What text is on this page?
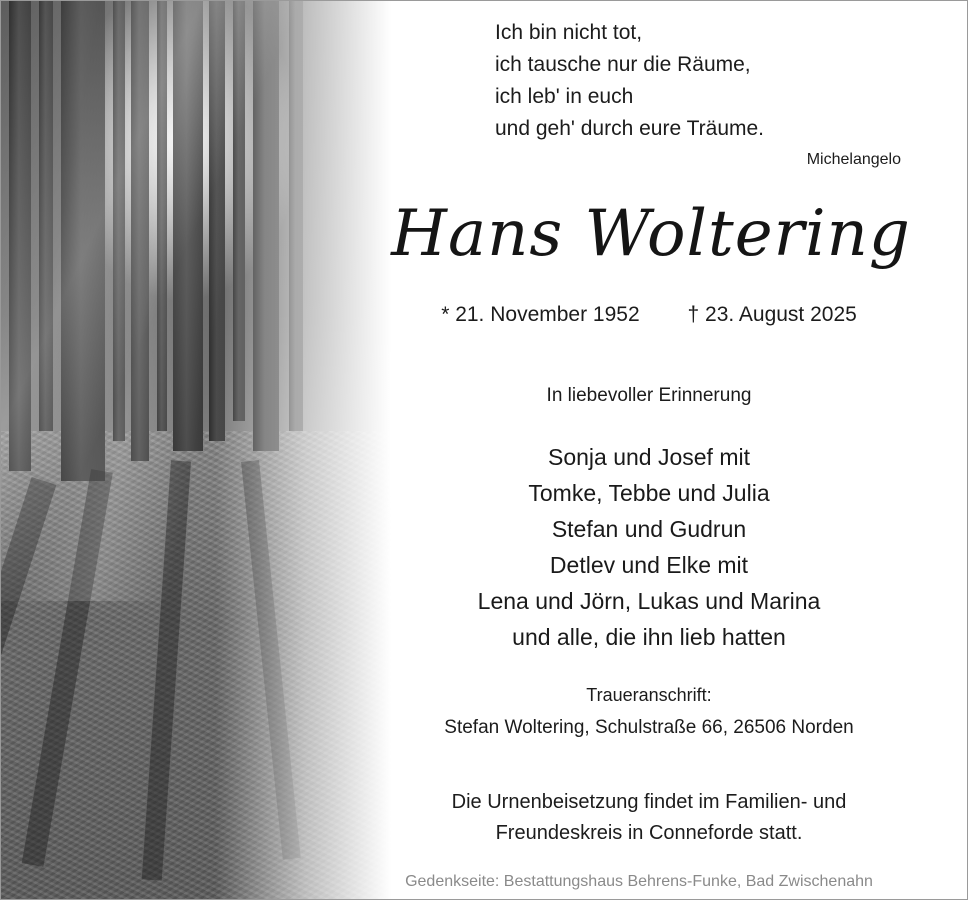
Ich bin nicht tot,
ich tausche nur die Räume,
ich leb' in euch
und geh' durch eure Träume.
Michelangelo
Hans Woltering
* 21. November 1952 † 23. August 2025
In liebevoller Erinnerung
Sonja und Josef mit
Tomke, Tebbe und Julia
Stefan und Gudrun
Detlev und Elke mit
Lena und Jörn, Lukas und Marina
und alle, die ihn lieb hatten
Traueranschrift:
Stefan Woltering, Schulstraße 66, 26506 Norden
Die Urnenbeisetzung findet im Familien- und
Freundeskreis in Conneforde statt.
Gedenkseite: Bestattungshaus Behrens-Funke, Bad Zwischenahn
